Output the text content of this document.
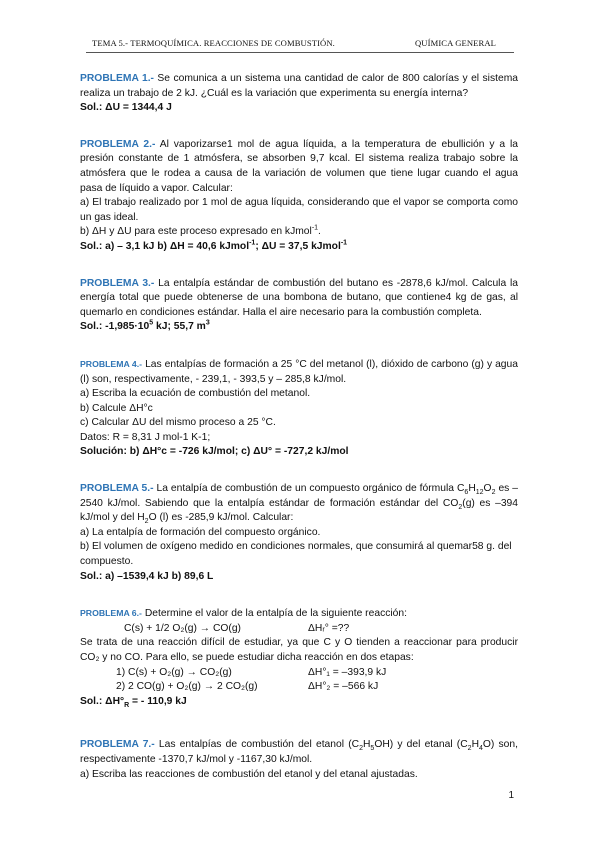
TEMA 5.- TERMOQUÍMICA. REACCIONES DE COMBUSTIÓN.	QUÍMICA GENERAL

PROBLEMA 1.- Se comunica a un sistema una cantidad de calor de 800 calorías y el sistema realiza un trabajo de 2 kJ. ¿Cuál es la variación que experimenta su energía interna?

Sol.: ΔU = 1344,4 J

PROBLEMA 2.- Al vaporizarse1 mol de agua líquida, a la temperatura de ebullición y a la presión constante de 1 atmósfera, se absorben 9,7 kcal. El sistema realiza trabajo sobre la atmósfera que le rodea a causa de la variación de volumen que tiene lugar cuando el agua pasa de líquido a vapor. Calcular:

a) El trabajo realizado por 1 mol de agua líquida, considerando que el vapor se comporta como un gas ideal.

b) ΔH y ΔU para este proceso expresado en kJmol$^{-1}$.

Sol.: a) – 3,1 kJ b) ΔH = 40,6 kJmol$^{-1}$; ΔU = 37,5 kJmol$^{-1}$

PROBLEMA 3.- La entalpía estándar de combustión del butano es -2878,6 kJ/mol. Calcula la energía total que puede obtenerse de una bombona de butano, que contiene4 kg de gas, al quemarlo en condiciones estándar. Halla el aire necesario para la combustión completa.

Sol.: $-1,985\cdot 10^5$ kJ; 55,7 $m^3$

PROBLEMA 4.- Las entalpías de formación a 25 °C del metanol (l), dióxido de carbono (g) y agua (l) son, respectivamente, - 239,1, - 393,5 y – 285,8 kJ/mol.

a) Escriba la ecuación de combustión del metanol.

b) Calcule ΔH°c

c) Calcular ΔU del mismo proceso a 25 °C.

Datos: R = 8,31 J mol-1 K-1;

Solución: b) ΔH°c = -726 kJ/mol; c) ΔU° = -727,2 kJ/mol

PROBLEMA 5.- La entalpía de combustión de un compuesto orgánico de fórmula $C_6H_{12}O_2$ es –2540 kJ/mol. Sabiendo que la entalpía estándar de formación estándar del $CO_2(g)$ es –394 kJ/mol y del $H_2O$ (l) es -285,9 kJ/mol. Calcular:

a) La entalpía de formación del compuesto orgánico.

b) El volumen de oxígeno medido en condiciones normales, que consumirá al quemar58 g. del compuesto.

Sol.: a) –1539,4 kJ b) 89,6 L

PROBLEMA 6.- Determine el valor de la entalpía de la siguiente reacción:

C(s) + 1/2 O₂(g) → CO(g)	ΔHᵣ° =??

Se trata de una reacción difícil de estudiar, ya que C y O tienden a reaccionar para producir CO₂ y no CO. Para ello, se puede estudiar dicha reacción en dos etapas:

1) C(s) + O₂(g) → CO₂(g)	ΔH°₁ = –393,9 kJ
2) 2 CO(g) + O₂(g) → 2 CO₂(g)	ΔH°₂ = –566 kJ

Sol.: $\Delta H^\circ_R$ = - 110,9 kJ

PROBLEMA 7.- Las entalpías de combustión del etanol $(C_2H_5OH)$ y del etanal $(C_2H_4O)$ son, respectivamente -1370,7 kJ/mol y -1167,30 kJ/mol.

a) Escriba las reacciones de combustión del etanol y del etanal ajustadas.

1
